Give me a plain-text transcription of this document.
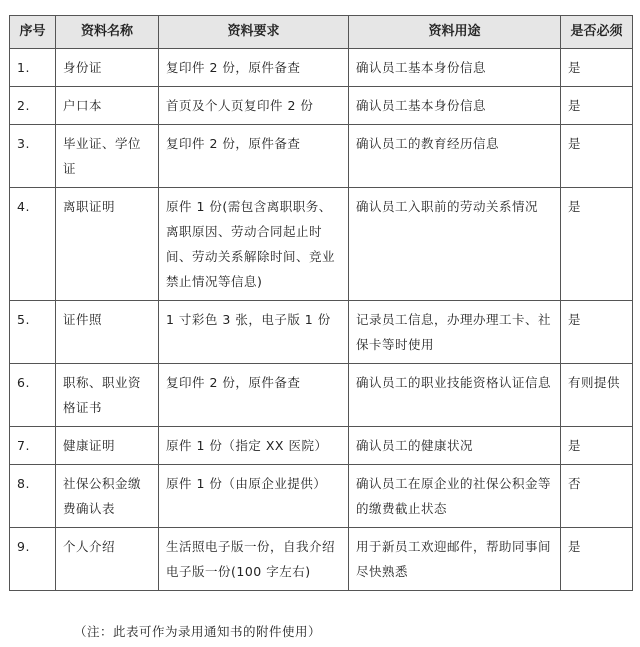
序号	资料名称	资料要求	资料用途	是否必须
1.	身份证	复印件 2 份，原件备查	确认员工基本身份信息	是
2.	户口本	首页及个人页复印件 2 份	确认员工基本身份信息	是
3.	毕业证、学位证	复印件 2 份，原件备查	确认员工的教育经历信息	是
4.	离职证明	原件 1 份(需包含离职职务、离职原因、劳动合同起止时间、劳动关系解除时间、竞业禁止情况等信息)	确认员工入职前的劳动关系情况	是
5.	证件照	1 寸彩色 3 张，电子版 1 份	记录员工信息，办理办理工卡、社保卡等时使用	是
6.	职称、职业资格证书	复印件 2 份，原件备查	确认员工的职业技能资格认证信息	有则提供
7.	健康证明	原件 1 份（指定 XX 医院）	确认员工的健康状况	是
8.	社保公积金缴费确认表	原件 1 份（由原企业提供）	确认员工在原企业的社保公积金等的缴费截止状态	否
9.	个人介绍	生活照电子版一份，自我介绍电子版一份(100 字左右)	用于新员工欢迎邮件，帮助同事间尽快熟悉	是
（注：此表可作为录用通知书的附件使用）
